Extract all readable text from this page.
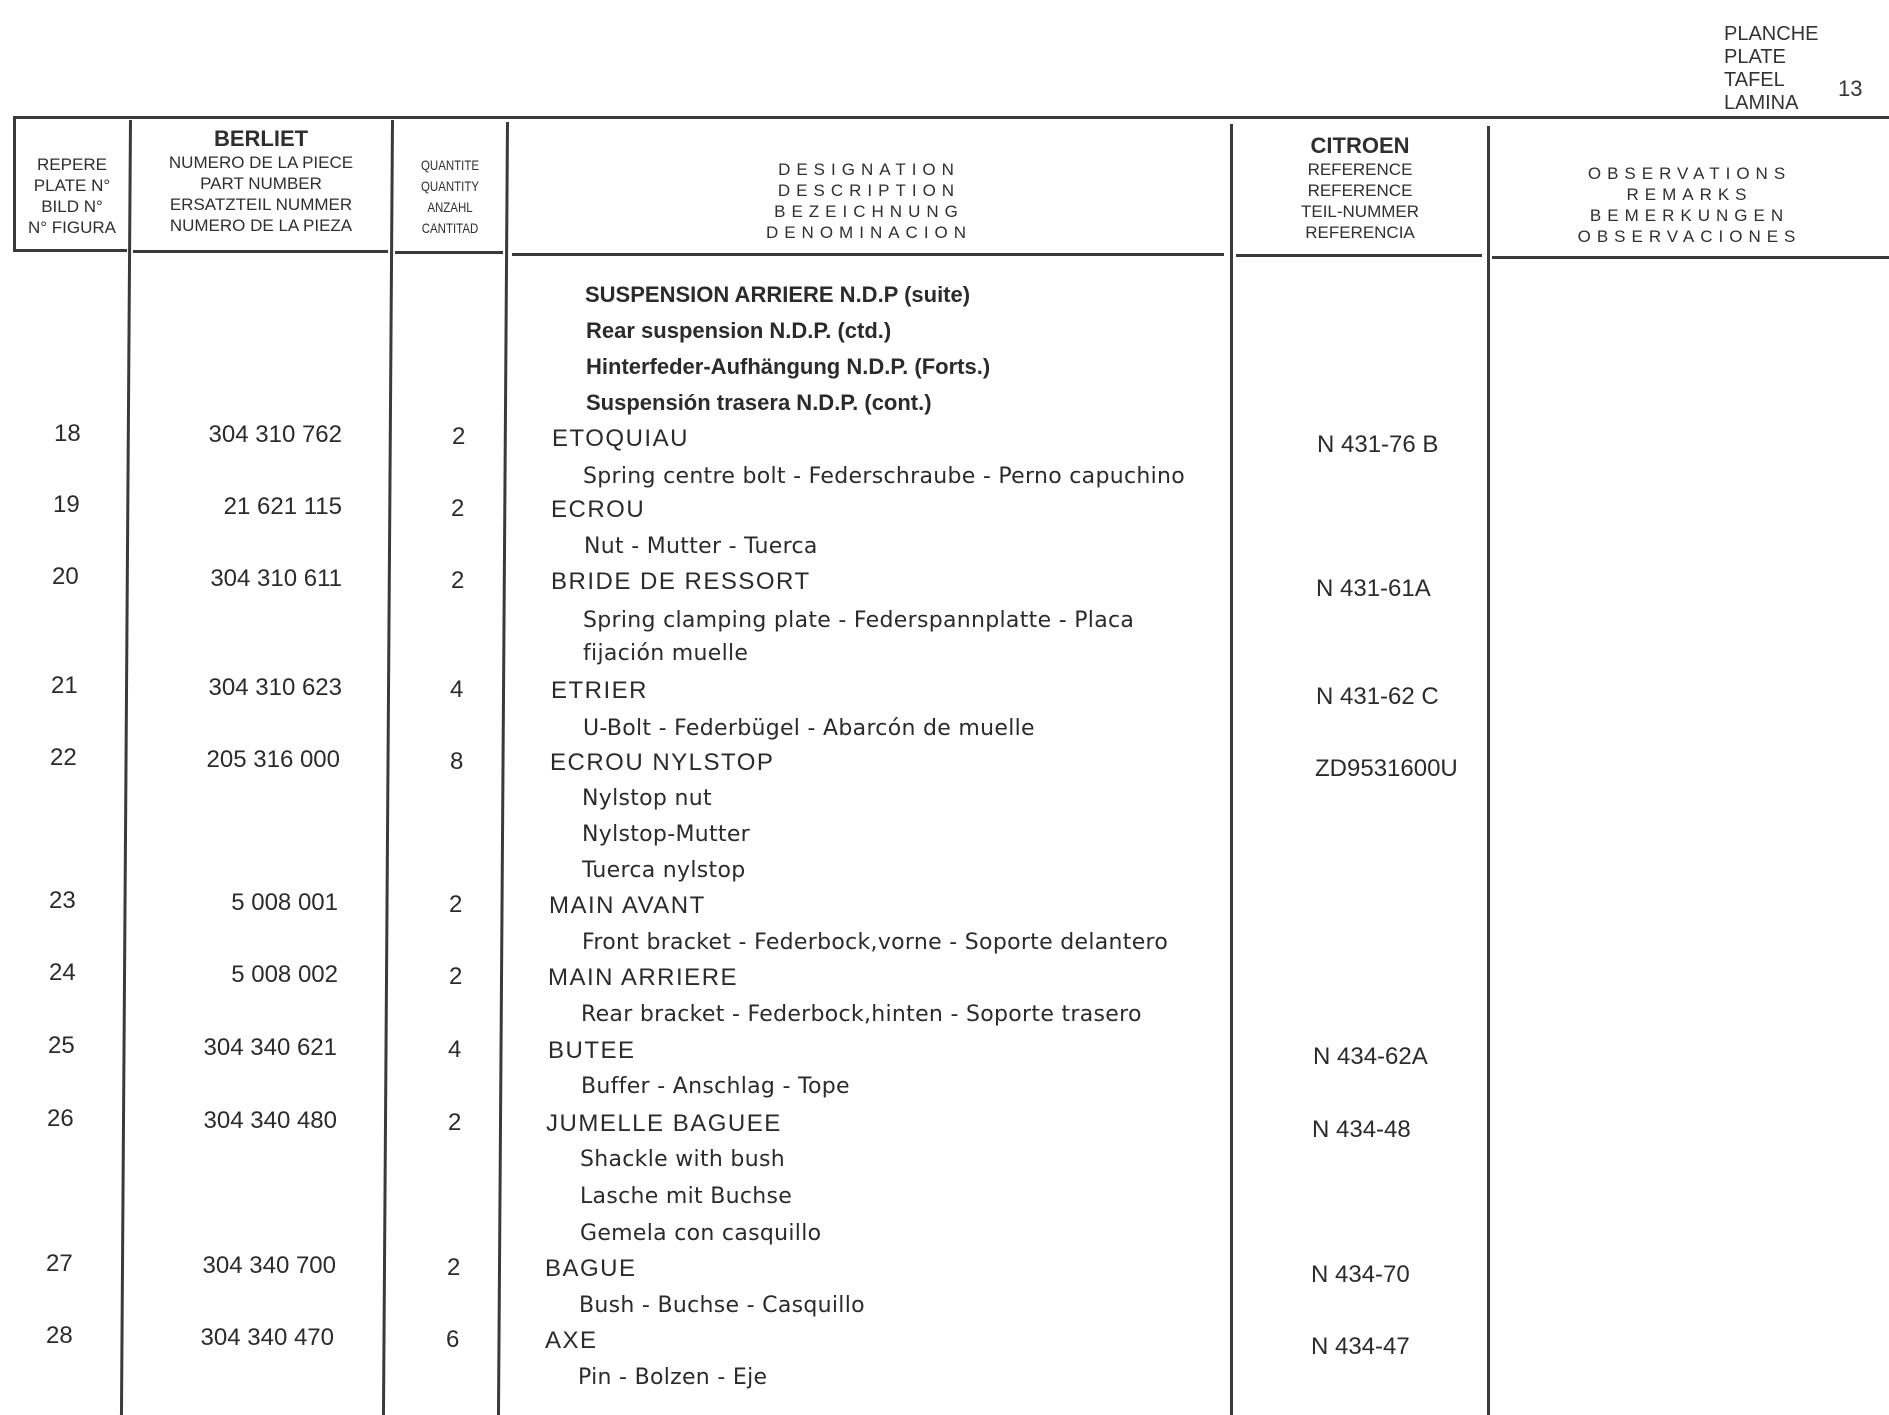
PLANCHE
PLATE
TAFEL
LAMINA
13
REPERE
PLATE N°
BILD N°
N° FIGURA
BERLIET
NUMERO DE LA PIECE
PART NUMBER
ERSATZTEIL NUMMER
NUMERO DE LA PIEZA
QUANTITE
QUANTITY
ANZAHL
CANTITAD
DESIGNATION
DESCRIPTION
BEZEICHNUNG
DENOMINACION
CITROEN
REFERENCE
REFERENCE
TEIL-NUMMER
REFERENCIA
OBSERVATIONS
REMARKS
BEMERKUNGEN
OBSERVACIONES
SUSPENSION ARRIERE N.D.P (suite)
Rear suspension N.D.P. (ctd.)
Hinterfeder-Aufhängung N.D.P. (Forts.)
Suspensión trasera N.D.P. (cont.)
18	304 310 762	2	ETOQUIAU	N 431-76 B
Spring centre bolt - Federschraube - Perno capuchino
19	21 621 115	2	ECROU
Nut - Mutter - Tuerca
20	304 310 611	2	BRIDE DE RESSORT	N 431-61A
Spring clamping plate - Federspannplatte - Placa
fijación muelle
21	304 310 623	4	ETRIER	N 431-62 C
U-Bolt - Federbügel - Abarcón de muelle
22	205 316 000	8	ECROU NYLSTOP	ZD9531600U
Nylstop nut
Nylstop-Mutter
Tuerca nylstop
23	5 008 001	2	MAIN AVANT
Front bracket - Federbock,vorne - Soporte delantero
24	5 008 002	2	MAIN ARRIERE
Rear bracket - Federbock,hinten - Soporte trasero
25	304 340 621	4	BUTEE	N 434-62A
Buffer - Anschlag - Tope
26	304 340 480	2	JUMELLE BAGUEE	N 434-48
Shackle with bush
Lasche mit Buchse
Gemela con casquillo
27	304 340 700	2	BAGUE	N 434-70
Bush - Buchse - Casquillo
28	304 340 470	6	AXE	N 434-47
Pin - Bolzen - Eje
